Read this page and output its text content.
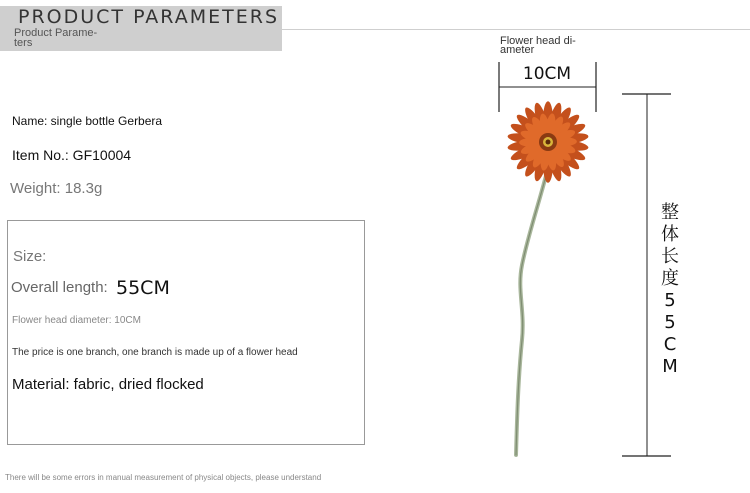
PRODUCT PARAMETERS
Product Parame-ters
Name: single bottle Gerbera
Item No.: GF10004
Weight: 18.3g
Size:
Overall length: 55CM
Flower head diameter: 10CM
The price is one branch, one branch is made up of a flower head
Material: fabric, dried flocked
There will be some errors in manual measurement of physical objects, please understand
Flower head di-ameter
10CM
整
体
长
度
5
5
C
M
